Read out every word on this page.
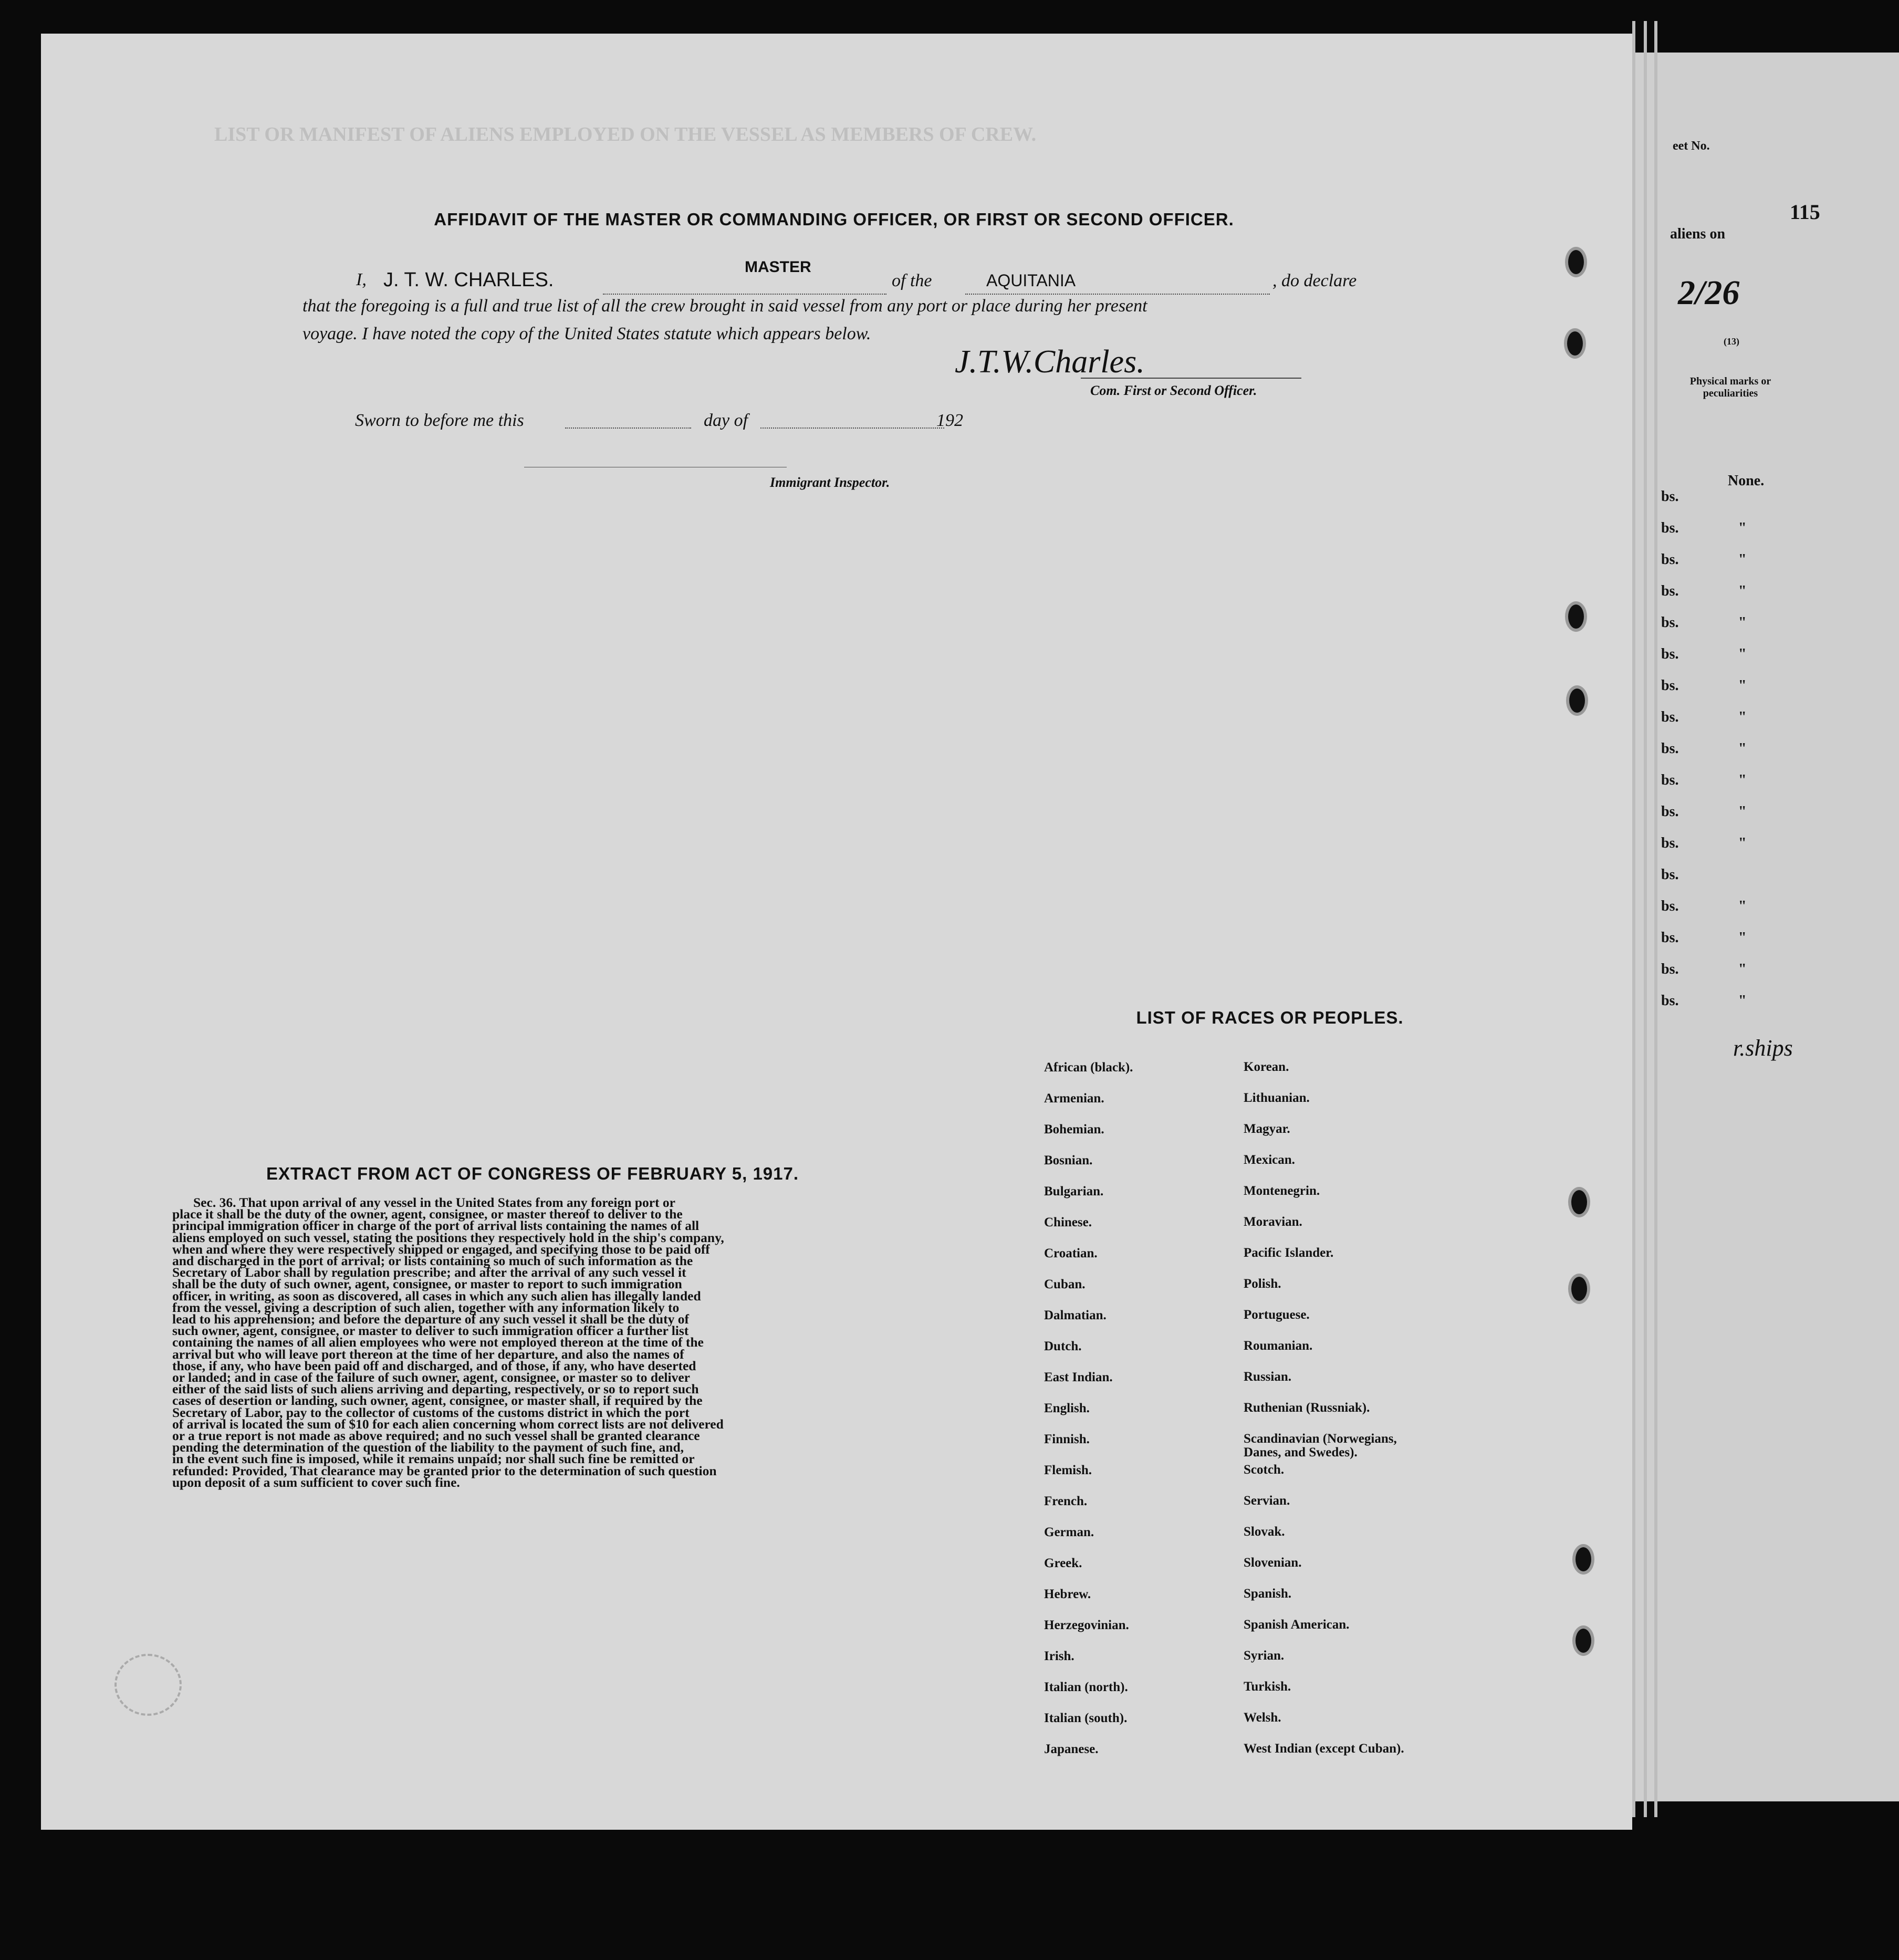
eet No.
115
aliens on
2/26
(13)
Physical marks or peculiarities
None.
r.ships
bs.
bs.	"
bs.	"
bs.	"
bs.	"
bs.	"
bs.	"
bs.	"
bs.	"
bs.	"
bs.	"
bs.	"
bs.
bs.	"
bs.	"
bs.	"
bs.	"
LIST OR MANIFEST OF ALIENS EMPLOYED ON THE VESSEL AS MEMBERS OF CREW.
AFFIDAVIT OF THE MASTER OR COMMANDING OFFICER, OR FIRST OR SECOND OFFICER.
I, J. T. W. CHARLES.
MASTER
of the	AQUITANIA	, do declare
that the foregoing is a full and true list of all the crew brought in said vessel from any port or place during her present
voyage. I have noted the copy of the United States statute which appears below.
J.T.W.Charles.
Com. First or Second Officer.
Sworn to before me this	day of	192
Immigrant Inspector.
EXTRACT FROM ACT OF CONGRESS OF FEBRUARY 5, 1917.
Sec. 36. That upon arrival of any vessel in the United States from any foreign port or
place it shall be the duty of the owner, agent, consignee, or master thereof to deliver to the
principal immigration officer in charge of the port of arrival lists containing the names of all
aliens employed on such vessel, stating the positions they respectively hold in the ship's company,
when and where they were respectively shipped or engaged, and specifying those to be paid off
and discharged in the port of arrival; or lists containing so much of such information as the
Secretary of Labor shall by regulation prescribe; and after the arrival of any such vessel it
shall be the duty of such owner, agent, consignee, or master to report to such immigration
officer, in writing, as soon as discovered, all cases in which any such alien has illegally landed
from the vessel, giving a description of such alien, together with any information likely to
lead to his apprehension; and before the departure of any such vessel it shall be the duty of
such owner, agent, consignee, or master to deliver to such immigration officer a further list
containing the names of all alien employees who were not employed thereon at the time of the
arrival but who will leave port thereon at the time of her departure, and also the names of
those, if any, who have been paid off and discharged, and of those, if any, who have deserted
or landed; and in case of the failure of such owner, agent, consignee, or master so to deliver
either of the said lists of such aliens arriving and departing, respectively, or so to report such
cases of desertion or landing, such owner, agent, consignee, or master shall, if required by the
Secretary of Labor, pay to the collector of customs of the customs district in which the port
of arrival is located the sum of $10 for each alien concerning whom correct lists are not delivered
or a true report is not made as above required; and no such vessel shall be granted clearance
pending the determination of the question of the liability to the payment of such fine, and,
in the event such fine is imposed, while it remains unpaid; nor shall such fine be remitted or
refunded: Provided, That clearance may be granted prior to the determination of such question
upon deposit of a sum sufficient to cover such fine.
LIST OF RACES OR PEOPLES.
African (black).	Korean.
Armenian.	Lithuanian.
Bohemian.	Magyar.
Bosnian.	Mexican.
Bulgarian.	Montenegrin.
Chinese.	Moravian.
Croatian.	Pacific Islander.
Cuban.	Polish.
Dalmatian.	Portuguese.
Dutch.	Roumanian.
East Indian.	Russian.
English.	Ruthenian (Russniak).
Finnish.	Scandinavian (Norwegians, Danes, and Swedes).
Flemish.	Scotch.
French.	Servian.
German.	Slovak.
Greek.	Slovenian.
Hebrew.	Spanish.
Herzegovinian.	Spanish American.
Irish.	Syrian.
Italian (north).	Turkish.
Italian (south).	Welsh.
Japanese.	West Indian (except Cuban).
